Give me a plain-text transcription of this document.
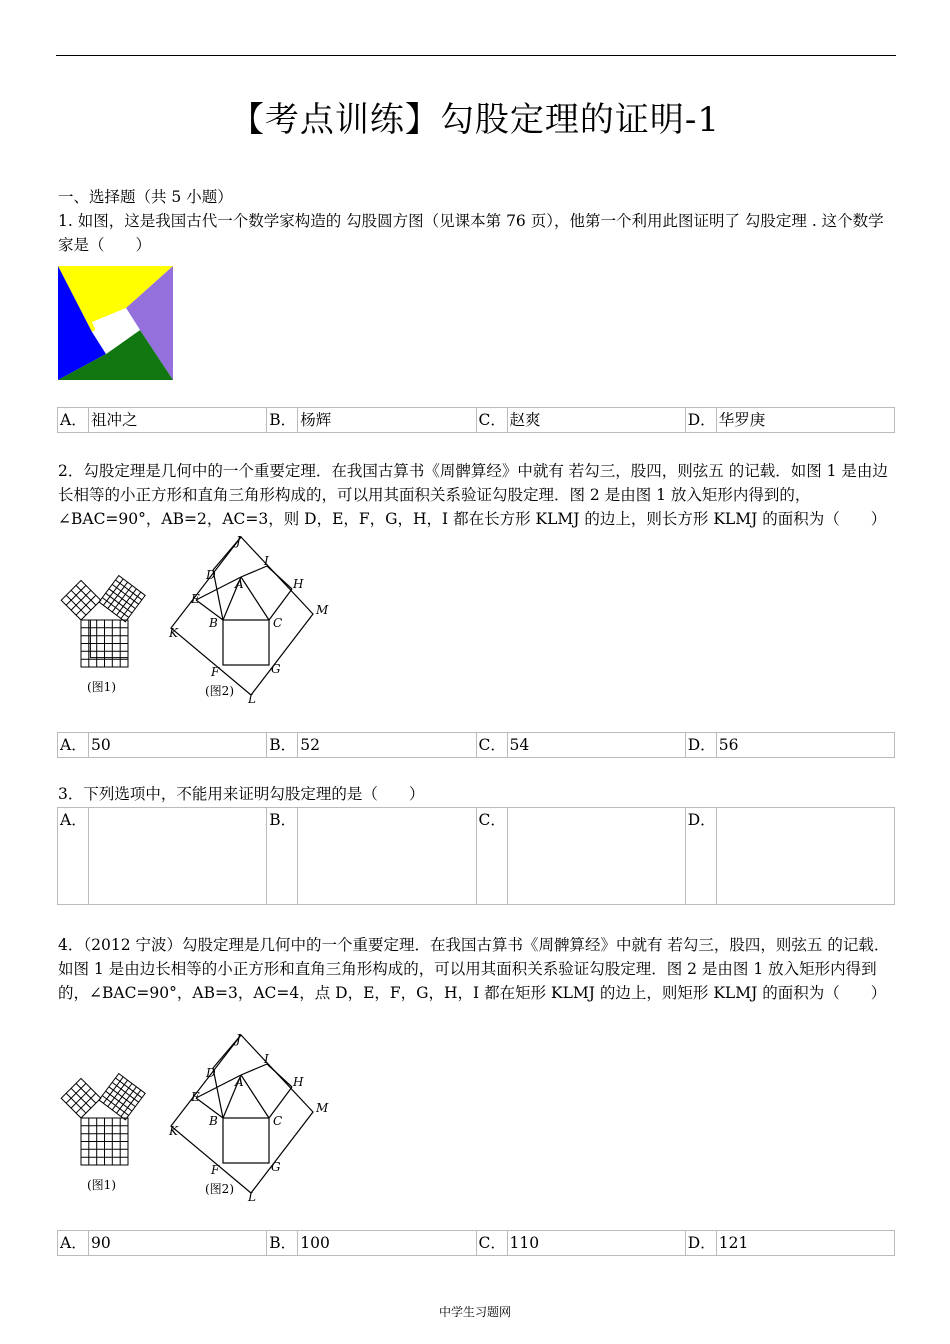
【考点训练】勾股定理的证明-1
一、选择题（共 5 小题）
1. 如图，这是我国古代一个数学家构造的 勾股圆方图（见课本第 76 页），他第一个利用此图证明了 勾股定理 . 这个数学家是（　　）
A． 祖冲之	B． 杨辉	C． 赵爽	D． 华罗庚
2．勾股定理是几何中的一个重要定理．在我国古算书《周髀算经》中就有 若勾三，股四，则弦五 的记载．如图 1 是由边长相等的小正方形和直角三角形构成的，可以用其面积关系验证勾股定理．图 2 是由图 1 放入矩形内得到的，∠BAC=90°，AB=2，AC=3，则 D，E，F，G，H，I 都在长方形 KLMJ 的边上，则长方形 KLMJ 的面积为（　　）
(图1)
J
I
D
A	H
E
M
K
B	C
F	G
L
(图2)
A． 50	B． 52	C． 54	D． 56
3．下列选项中，不能用来证明勾股定理的是（　　）
A．	B．	C．	D．
4．（2012 宁波）勾股定理是几何中的一个重要定理．在我国古算书《周髀算经》中就有 若勾三，股四，则弦五 的记载．如图 1 是由边长相等的小正方形和直角三角形构成的，可以用其面积关系验证勾股定理．图 2 是由图 1 放入矩形内得到的，∠BAC=90°，AB=3，AC=4，点 D，E，F，G，H，I 都在矩形 KLMJ 的边上，则矩形 KLMJ 的面积为（　　）
(图1)
J
I
D
A	H
E
M
K
B	C
F	G
L
(图2)
A． 90	B． 100	C． 110	D． 121
中学生习题网
